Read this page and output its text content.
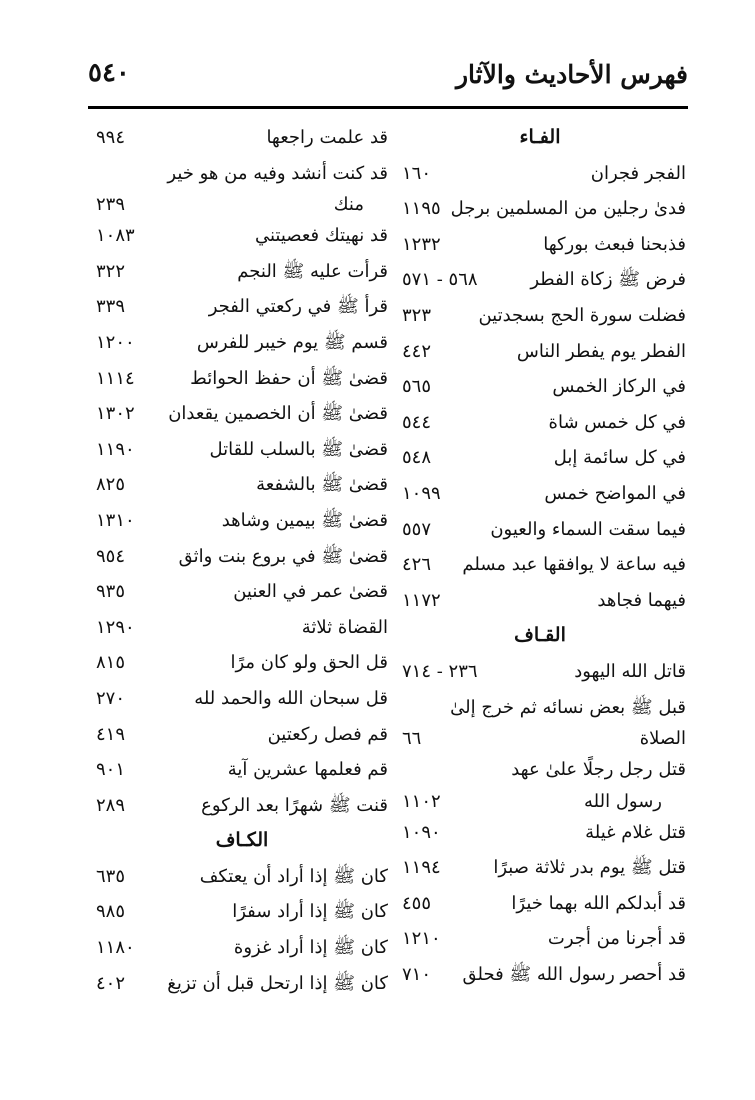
٥٤٠	فهرس الأحاديث والآثار
الفـاء
الفجر فجران
١٦٠
فدىٰ رجلين من المسلمين برجل
١١٩٥
فذبحنا فبعث بوركها
١٢٣٢
فرض ﷺ زكاة الفطر
٥٦٨ - ٥٧١
فضلت سورة الحج بسجدتين
٣٢٣
الفطر يوم يفطر الناس
٤٤٢
في الركاز الخمس
٥٦٥
في كل خمس شاة
٥٤٤
في كل سائمة إبل
٥٤٨
في المواضح خمس
١٠٩٩
فيما سقت السماء والعيون
٥٥٧
فيه ساعة لا يوافقها عبد مسلم
٤٢٦
فيهما فجاهد
١١٧٢
القـاف
قاتل الله اليهود
٢٣٦ - ٧١٤
قبل ﷺ بعض نسائه ثم خرج إلىٰ
الصلاة
٦٦
قتل رجل رجلًا علىٰ عهد
رسول الله
١١٠٢
قتل غلام غيلة
١٠٩٠
قتل ﷺ يوم بدر ثلاثة صبرًا
١١٩٤
قد أبدلكم الله بهما خيرًا
٤٥٥
قد أجرنا من أجرت
١٢١٠
قد أحصر رسول الله ﷺ فحلق
٧١٠
قد علمت راجعها
٩٩٤
قد كنت أنشد وفيه من هو خير
منك
٢٣٩
قد نهيتك فعصيتني
١٠٨٣
قرأت عليه ﷺ النجم
٣٢٢
قرأ ﷺ في ركعتي الفجر
٣٣٩
قسم ﷺ يوم خيبر للفرس
١٢٠٠
قضىٰ ﷺ أن حفظ الحوائط
١١١٤
قضىٰ ﷺ أن الخصمين يقعدان
١٣٠٢
قضىٰ ﷺ بالسلب للقاتل
١١٩٠
قضىٰ ﷺ بالشفعة
٨٢٥
قضىٰ ﷺ بيمين وشاهد
١٣١٠
قضىٰ ﷺ في بروع بنت واثق
٩٥٤
قضىٰ عمر في العنين
٩٣٥
القضاة ثلاثة
١٢٩٠
قل الحق ولو كان مرًا
٨١٥
قل سبحان الله والحمد لله
٢٧٠
قم فصل ركعتين
٤١٩
قم فعلمها عشرين آية
٩٠١
قنت ﷺ شهرًا بعد الركوع
٢٨٩
الكـاف
كان ﷺ إذا أراد أن يعتكف
٦٣٥
كان ﷺ إذا أراد سفرًا
٩٨٥
كان ﷺ إذا أراد غزوة
١١٨٠
كان ﷺ إذا ارتحل قبل أن تزيغ
٤٠٢
